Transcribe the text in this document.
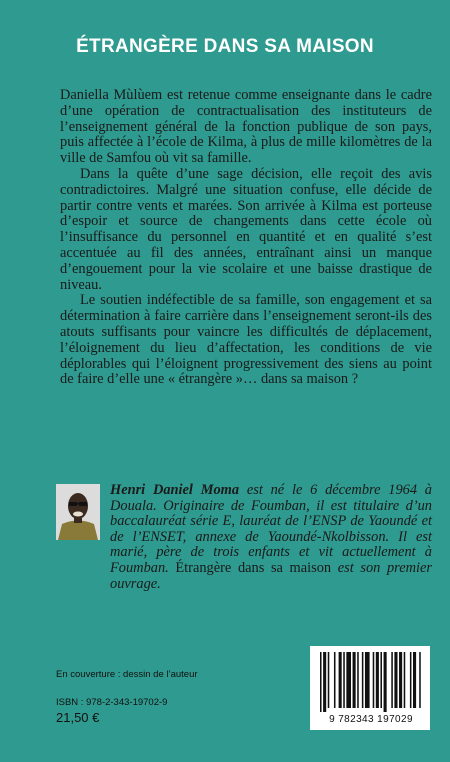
ÉTRANGÈRE DANS SA MAISON

Daniella Mùlùem est retenue comme enseignante dans le cadre d’une opération de contractualisation des instituteurs de l’enseignement général de la fonction publique de son pays, puis affectée à l’école de Kilma, à plus de mille kilomètres de la ville de Samfou où vit sa famille.

Dans la quête d’une sage décision, elle reçoit des avis contradictoires. Malgré une situation confuse, elle décide de partir contre vents et marées. Son arrivée à Kilma est porteuse d’espoir et source de changements dans cette école où l’insuffisance du personnel en quantité et en qualité s’est accentuée au fil des années, entraînant ainsi un manque d’engouement pour la vie scolaire et une baisse drastique de niveau.

Le soutien indéfectible de sa famille, son engagement et sa détermination à faire carrière dans l’enseignement seront-ils des atouts suffisants pour vaincre les difficultés de déplacement, l’éloignement du lieu d’affectation, les conditions de vie déplorables qui l’éloignent progressivement des siens au point de faire d’elle une « étrangère »… dans sa maison ?

Henri Daniel Moma est né le 6 décembre 1964 à Douala. Originaire de Foumban, il est titulaire d’un baccalauréat série E, lauréat de l’ENSP de Yaoundé et de l’ENSET, annexe de Yaoundé-Nkolbisson. Il est marié, père de trois enfants et vit actuellement à Foumban. Étrangère dans sa maison est son premier ouvrage.
En couverture : dessin de l’auteur
ISBN : 978-2-343-19702-9
21,50 €	9 782343 197029
